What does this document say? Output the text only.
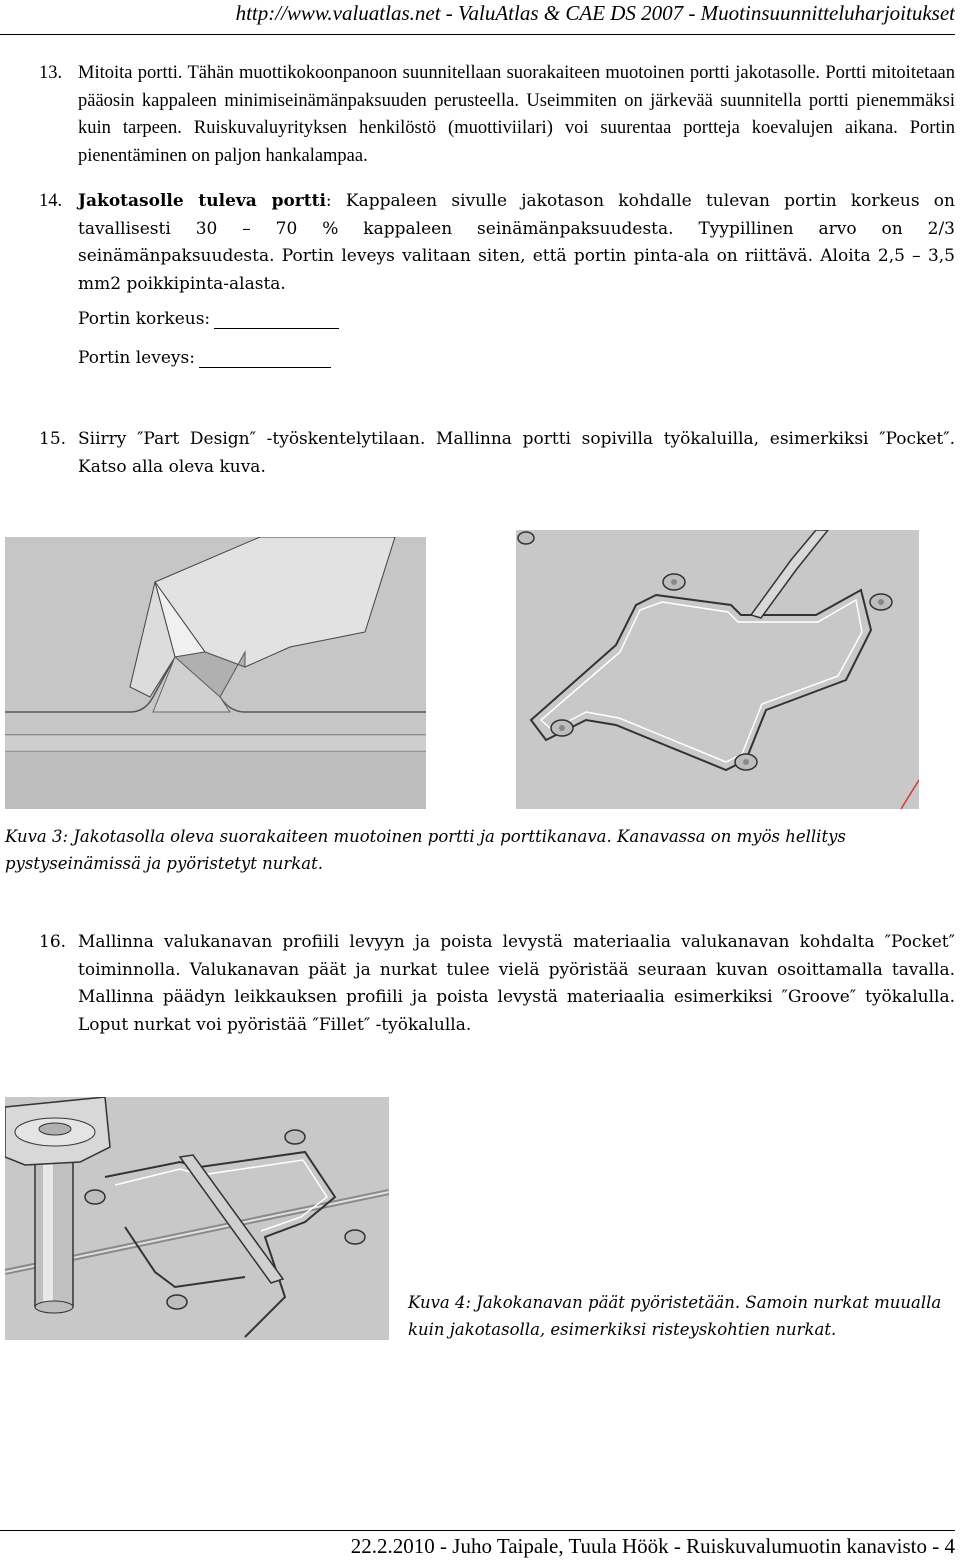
http://www.valuatlas.net - ValuAtlas & CAE DS 2007 - Muotinsuunnitteluharjoitukset
13. Mitoita portti. Tähän muottikokoonpanoon suunnitellaan suorakaiteen muotoinen portti jakotasolle. Portti mitoitetaan pääosin kappaleen minimiseinämänpaksuuden perusteella. Useimmiten on järkevää suunnitella portti pienemmäksi kuin tarpeen. Ruiskuvaluyrityksen henkilöstö (muottiviilari) voi suurentaa portteja koevalujen aikana. Portin pienentäminen on paljon hankalampaa.
14. Jakotasolle tuleva portti: Kappaleen sivulle jakotason kohdalle tulevan portin korkeus on tavallisesti 30 – 70 % kappaleen seinämänpaksuudesta. Tyypillinen arvo on 2/3 seinämänpaksuudesta. Portin leveys valitaan siten, että portin pinta-ala on riittävä. Aloita 2,5 – 3,5 mm2 poikkipinta-alasta.
Portin korkeus:
Portin leveys:
15. Siirry ″Part Design″ -työskentelytilaan. Mallinna portti sopivilla työkaluilla, esimerkiksi ″Pocket″. Katso alla oleva kuva.
Kuva 3: Jakotasolla oleva suorakaiteen muotoinen portti ja porttikanava. Kanavassa on myös hellitys pystyseinämissä ja pyöristetyt nurkat.
16. Mallinna valukanavan profiili levyyn ja poista levystä materiaalia valukanavan kohdalta ″Pocket″ toiminnolla. Valukanavan päät ja nurkat tulee vielä pyöristää seuraan kuvan osoittamalla tavalla. Mallinna päädyn leikkauksen profiili ja poista levystä materiaalia esimerkiksi ″Groove″ työkalulla. Loput nurkat voi pyöristää ″Fillet″ -työkalulla.
Kuva 4: Jakokanavan päät pyöristetään. Samoin nurkat muualla kuin jakotasolla, esimerkiksi risteyskohtien nurkat.
22.2.2010 - Juho Taipale, Tuula Höök - Ruiskuvalumuotin kanavisto - 4
